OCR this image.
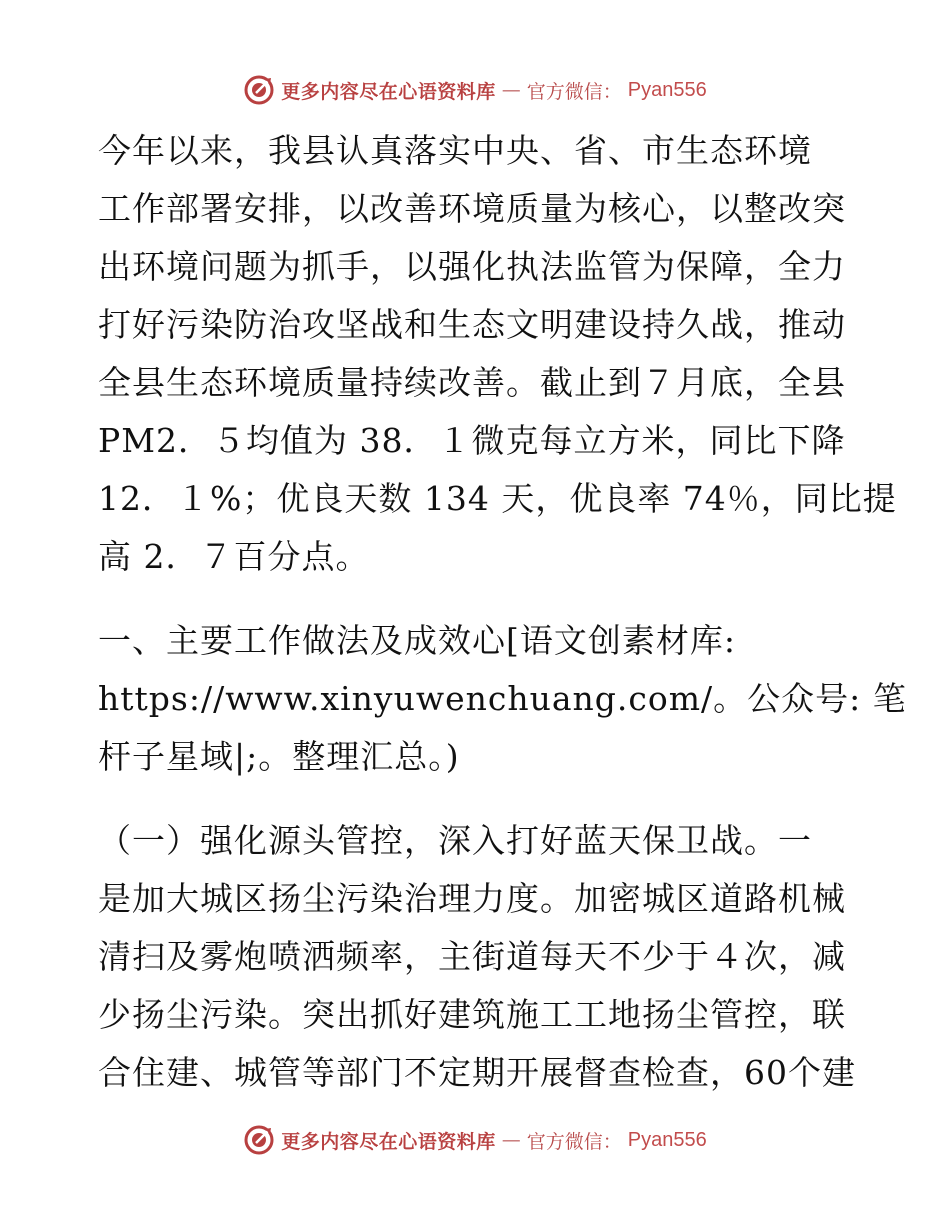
更多内容尽在心语资料库 — 官方微信： Pyan556
今年以来，我县认真落实中央、省、市生态环境
工作部署安排，以改善环境质量为核心，以整改突
出环境问题为抓手，以强化执法监管为保障，全力
打好污染防治攻坚战和生态文明建设持久战，推动
全县生态环境质量持续改善。截止到７月底，全县
PM2．５均值为 38．１微克每立方米，同比下降
12．１%；优良天数 134 天，优良率 74％，同比提
高 2．７百分点。
一、主要工作做法及成效心[语文创素材库:
https://www.xinyuwenchuang.com/。公众号: 笔
杆子星域|;。整理汇总。)
（一）强化源头管控，深入打好蓝天保卫战。一
是加大城区扬尘污染治理力度。加密城区道路机械
清扫及雾炮喷洒频率，主街道每天不少于４次，减
少扬尘污染。突出抓好建筑施工工地扬尘管控，联
合住建、城管等部门不定期开展督查检查，60个建
更多内容尽在心语资料库 — 官方微信： Pyan556
